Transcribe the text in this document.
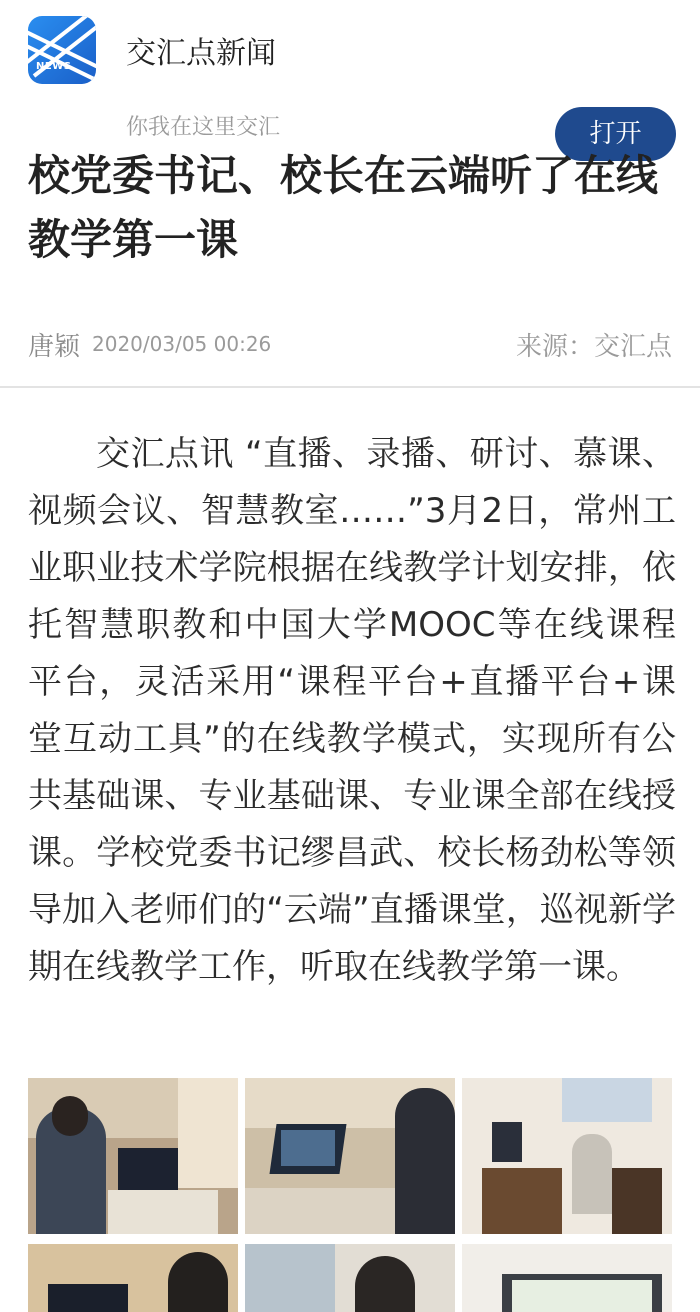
NEWS 交汇点新闻
你我在这里交汇	打开
校党委书记、校长在云端听了在线教学第一课
唐颖 2020/03/05 00:26	来源：交汇点

交汇点讯 “直播、录播、研讨、慕课、视频会议、智慧教室……”3月2日，常州工业职业技术学院根据在线教学计划安排，依托智慧职教和中国大学MOOC等在线课程平台，灵活采用“课程平台+直播平台+课堂互动工具”的在线教学模式，实现所有公共基础课、专业基础课、专业课全部在线授课。学校党委书记缪昌武、校长杨劲松等领导加入老师们的“云端”直播课堂，巡视新学期在线教学工作，听取在线教学第一课。
